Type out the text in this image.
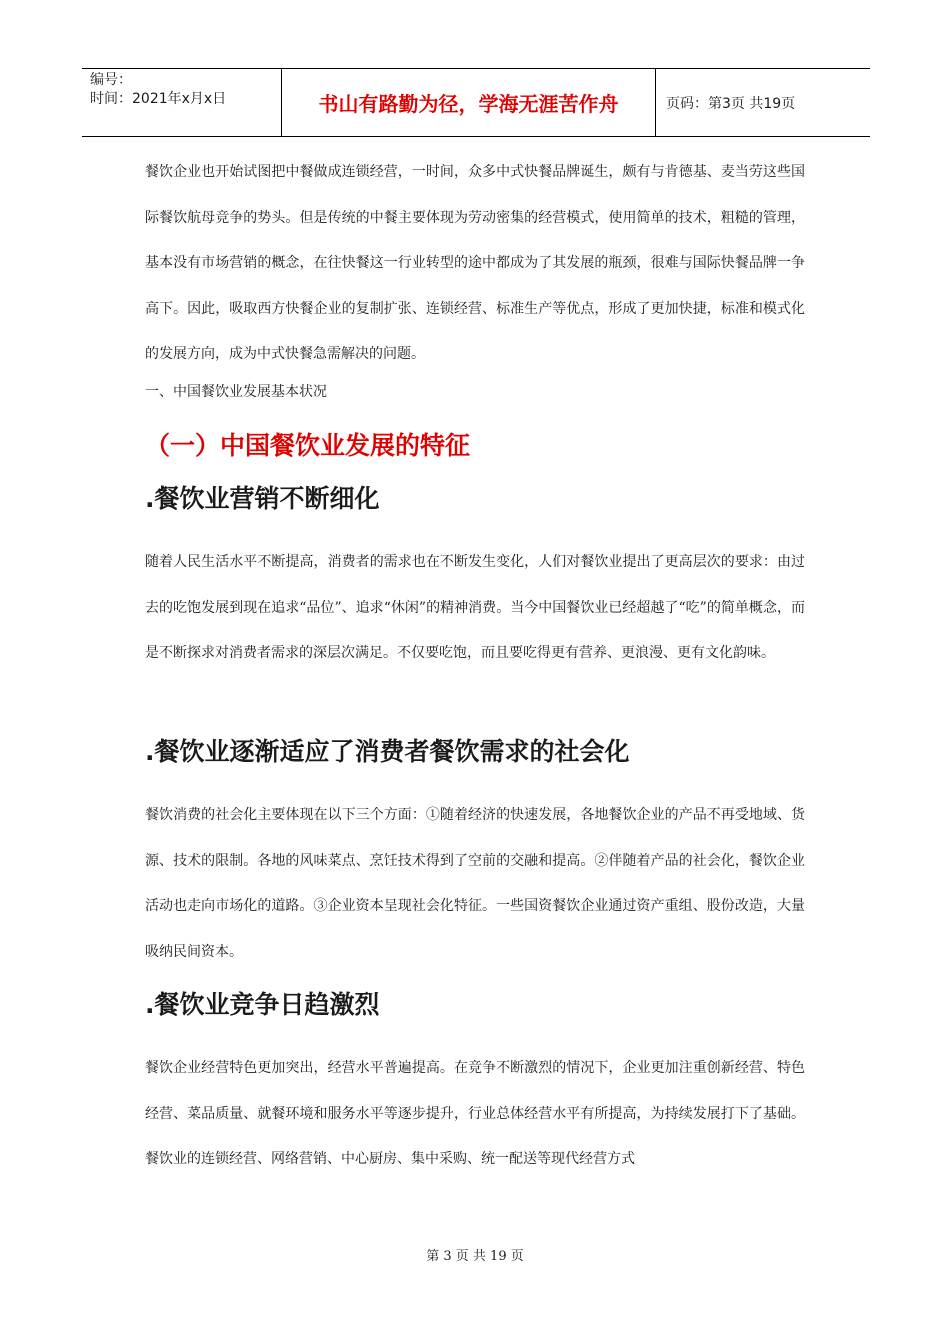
编号：
时间：2021年x月x日	书山有路勤为径，学海无涯苦作舟	页码：第3页 共19页

餐饮企业也开始试图把中餐做成连锁经营，一时间，众多中式快餐品牌诞生，颇有与肯德基、麦当劳这些国际餐饮航母竞争的势头。但是传统的中餐主要体现为劳动密集的经营模式，使用简单的技术，粗糙的管理，基本没有市场营销的概念，在往快餐这一行业转型的途中都成为了其发展的瓶颈，很难与国际快餐品牌一争高下。因此，吸取西方快餐企业的复制扩张、连锁经营、标准生产等优点，形成了更加快捷，标准和模式化的发展方向，成为中式快餐急需解决的问题。

一、中国餐饮业发展基本状况
（一）中国餐饮业发展的特征
.餐饮业营销不断细化

随着人民生活水平不断提高，消费者的需求也在不断发生变化，人们对餐饮业提出了更高层次的要求：由过去的吃饱发展到现在追求“品位”、追求“休闲”的精神消费。当今中国餐饮业已经超越了“吃”的简单概念，而是不断探求对消费者需求的深层次满足。不仅要吃饱，而且要吃得更有营养、更浪漫、更有文化韵味。

.餐饮业逐渐适应了消费者餐饮需求的社会化

餐饮消费的社会化主要体现在以下三个方面：①随着经济的快速发展，各地餐饮企业的产品不再受地域、货源、技术的限制。各地的风味菜点、烹饪技术得到了空前的交融和提高。②伴随着产品的社会化，餐饮企业活动也走向市场化的道路。③企业资本呈现社会化特征。一些国资餐饮企业通过资产重组、股份改造，大量吸纳民间资本。

.餐饮业竞争日趋激烈

餐饮企业经营特色更加突出，经营水平普遍提高。在竞争不断激烈的情况下，企业更加注重创新经营、特色经营、菜品质量、就餐环境和服务水平等逐步提升，行业总体经营水平有所提高，为持续发展打下了基础。餐饮业的连锁经营、网络营销、中心厨房、集中采购、统一配送等现代经营方式

第 3 页 共 19 页
